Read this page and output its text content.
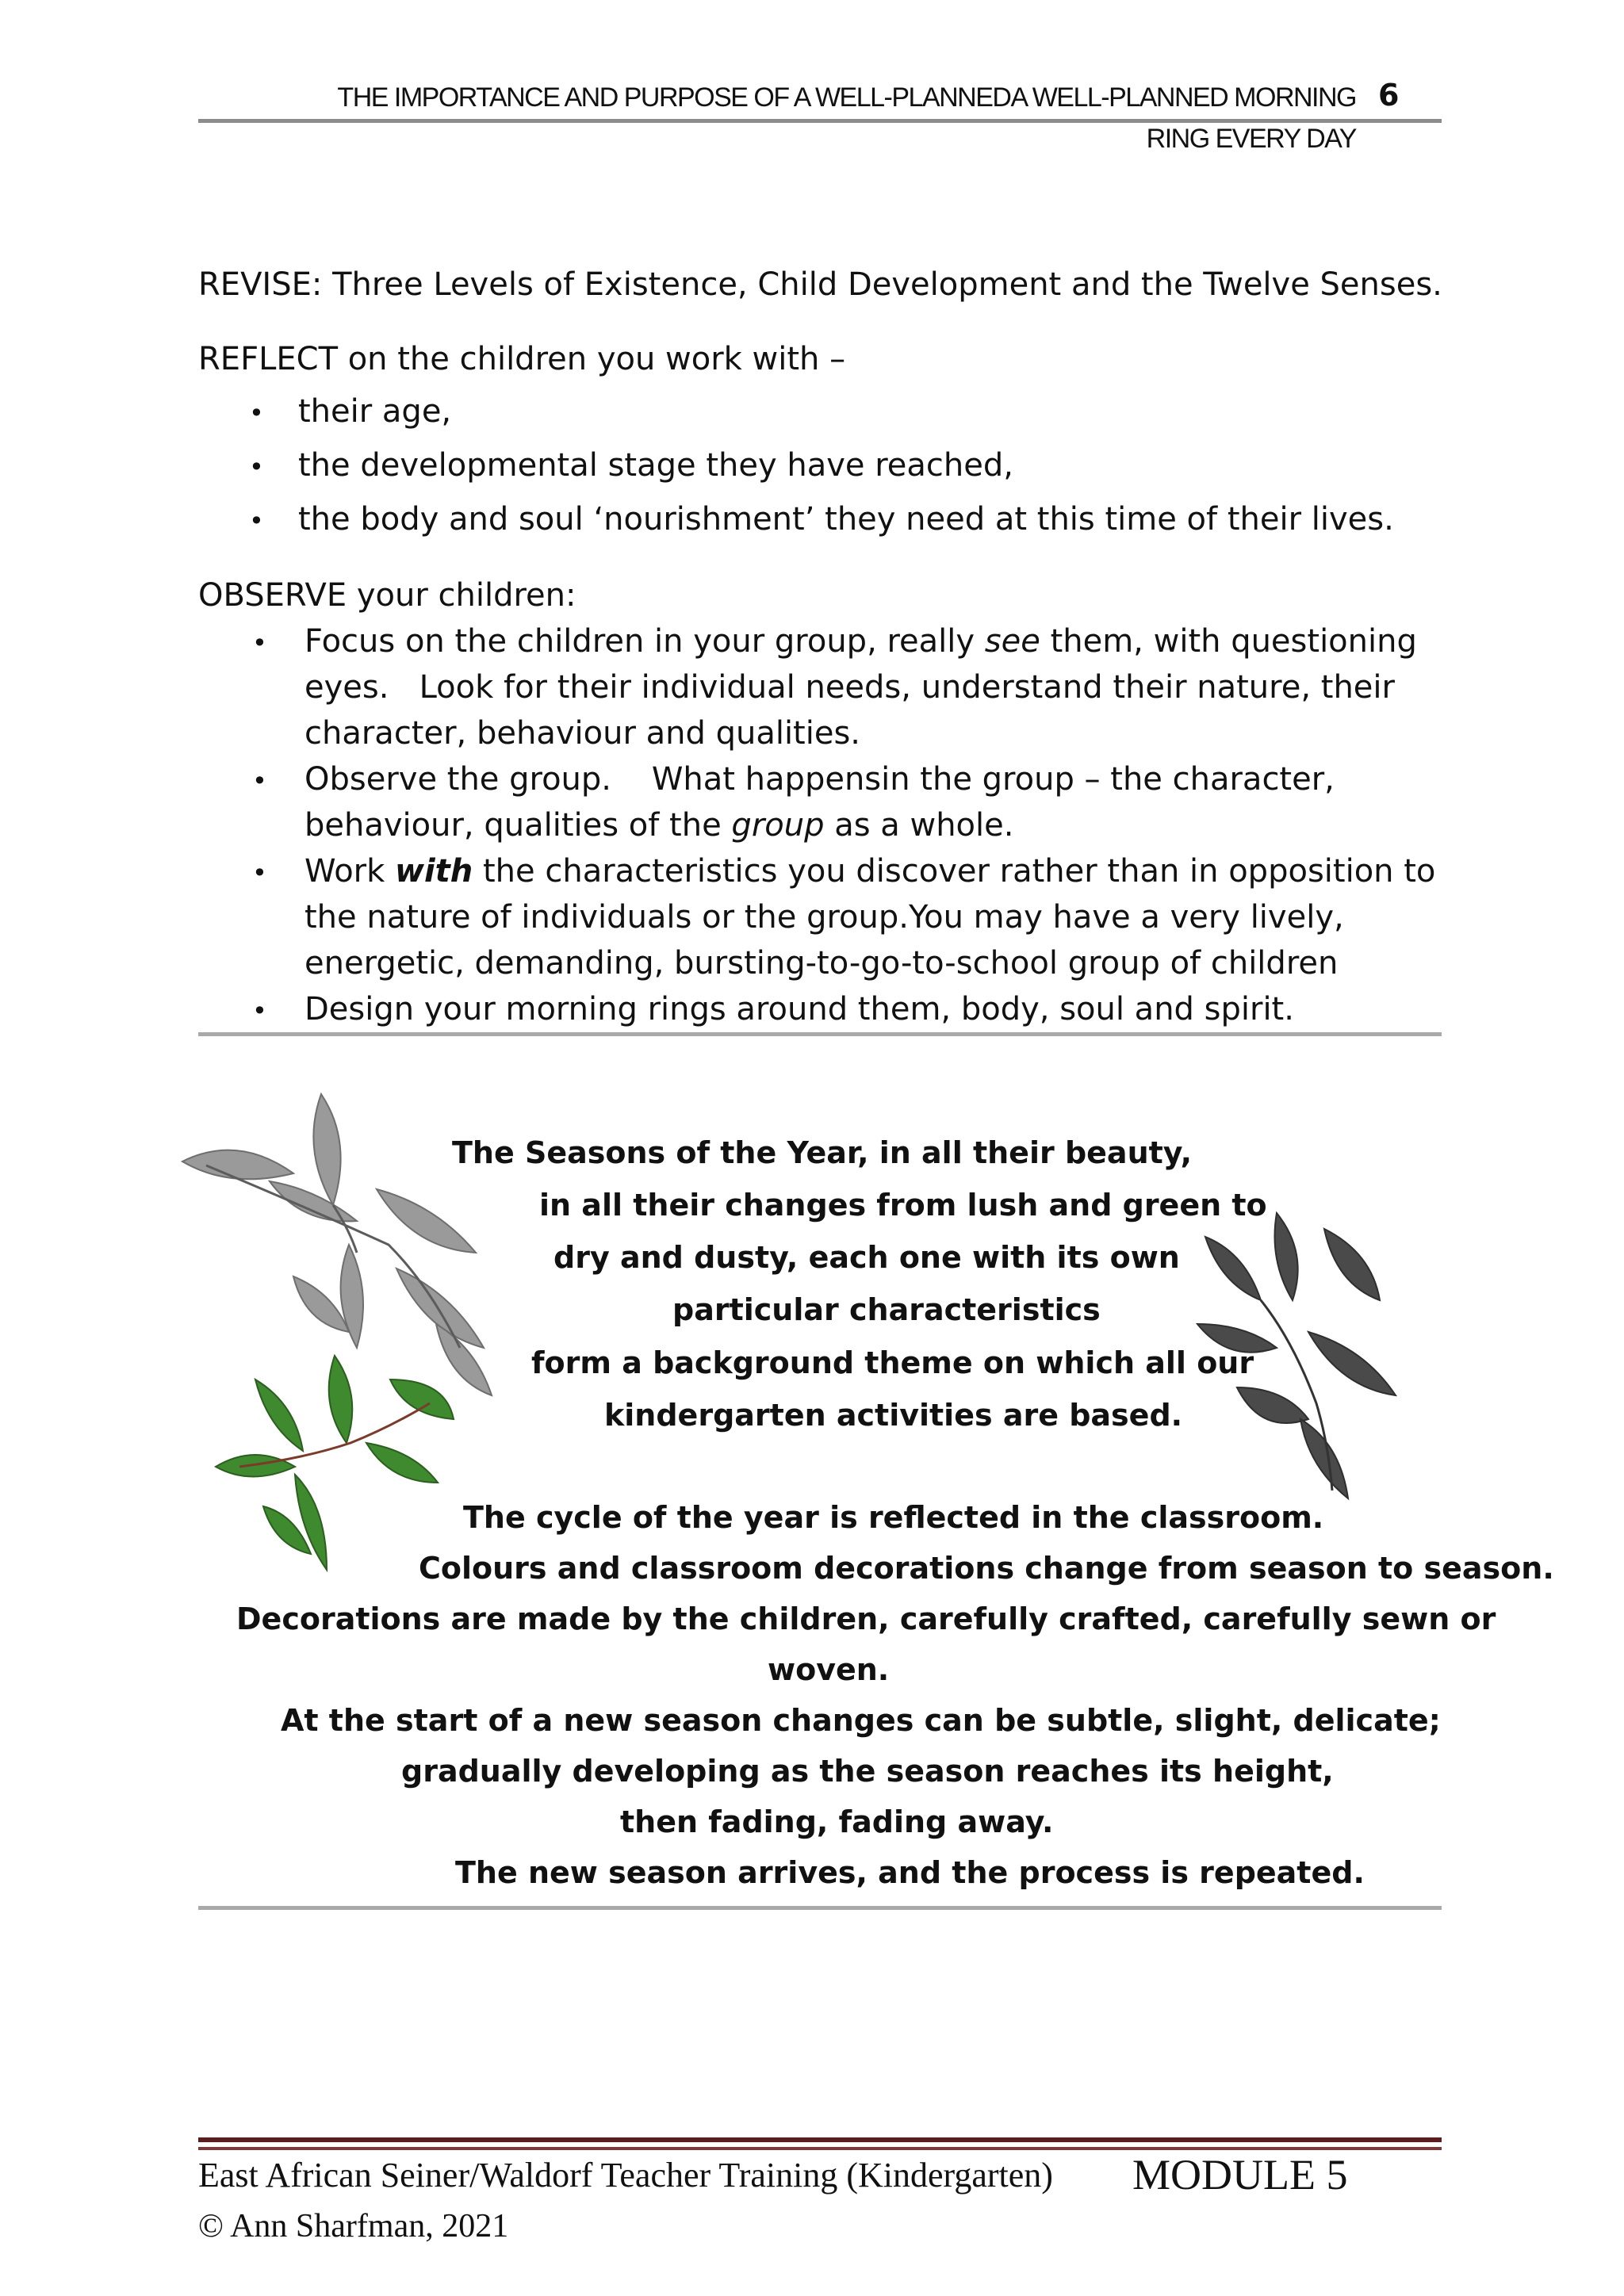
THE IMPORTANCE AND PURPOSE OF A WELL-PLANNEDA WELL-PLANNED MORNING 6
RING EVERY DAY
REVISE: Three Levels of Existence, Child Development and the Twelve Senses.
REFLECT on the children you work with –
• their age,
• the developmental stage they have reached,
• the body and soul ‘nourishment’ they need at this time of their lives.
OBSERVE your children:
• Focus on the children in your group, really see them, with questioning
eyes.   Look for their individual needs, understand their nature, their
character, behaviour and qualities.
• Observe the group.    What happensin the group – the character,
behaviour, qualities of the group as a whole.
• Work with the characteristics you discover rather than in opposition to
the nature of individuals or the group.You may have a very lively,
energetic, demanding, bursting-to-go-to-school group of children
• Design your morning rings around them, body, soul and spirit.
The Seasons of the Year, in all their beauty,
in all their changes from lush and green to
dry and dusty, each one with its own
particular characteristics
form a background theme on which all our
kindergarten activities are based.
The cycle of the year is reflected in the classroom.
Colours and classroom decorations change from season to season.
Decorations are made by the children, carefully crafted, carefully sewn or
woven.
At the start of a new season changes can be subtle, slight, delicate;
gradually developing as the season reaches its height,
then fading, fading away.
The new season arrives, and the process is repeated.
East African Seiner/Waldorf Teacher Training (Kindergarten) MODULE 5
© Ann Sharfman, 2021
